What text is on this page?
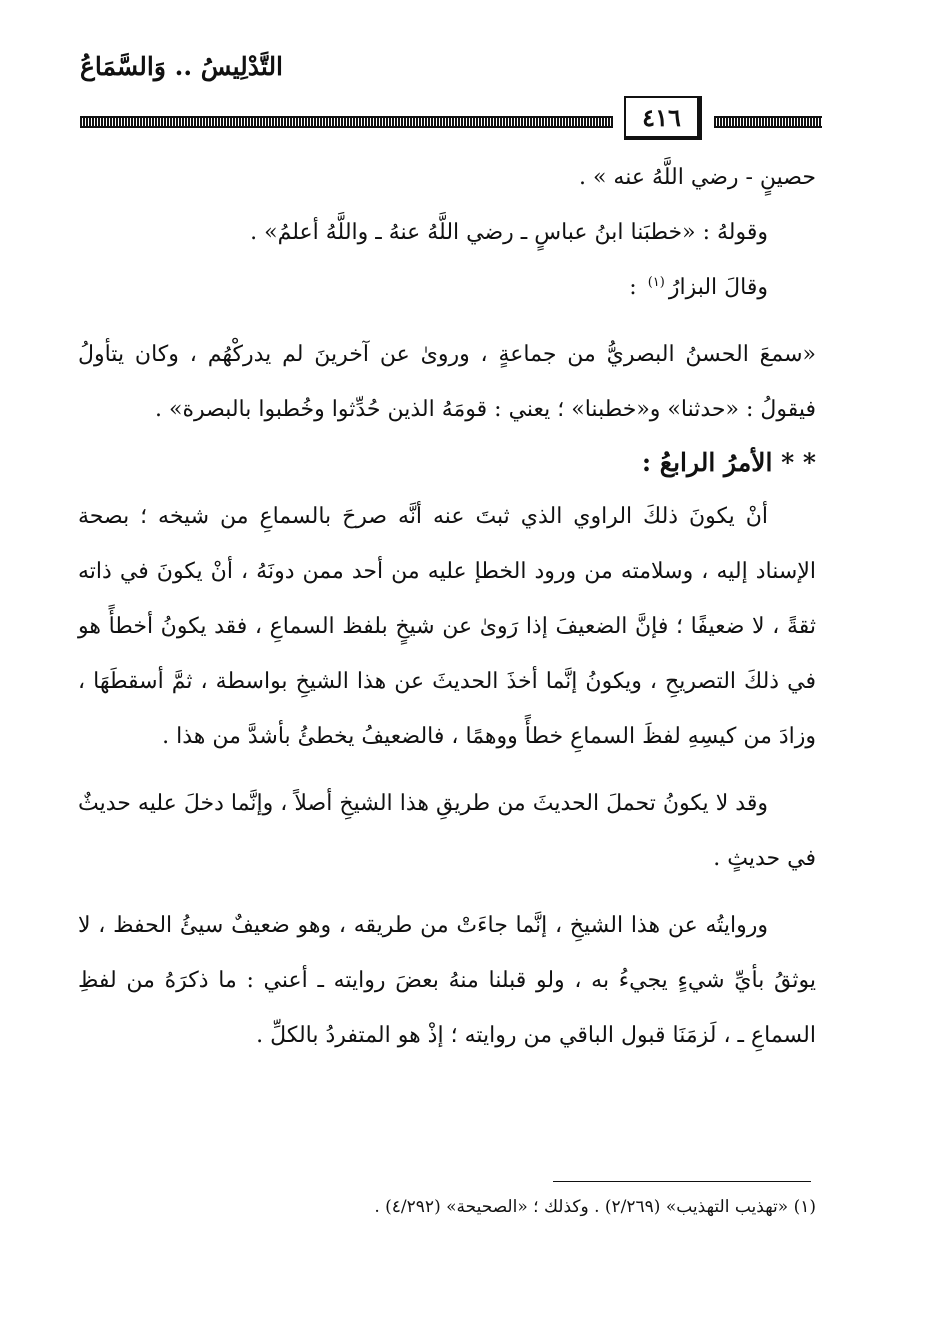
التَّدْلِيسُ .. وَالسَّمَاعُ
٤١٦

حصينٍ - رضي اللَّهُ عنه » .

وقولهُ : «خطبَنا ابنُ عباسٍ ـ رضي اللَّهُ عنهُ ـ واللَّهُ أعلمُ» .

وقالَ البزارُ$^{(١)}$ :

«سمعَ الحسنُ البصريُّ من جماعةٍ ، وروىٰ عن آخرينَ لم يدركْهُم ، وكان يتأولُ فيقولُ : «حدثنا» و«خطبنا» ؛ يعني : قومَهُ الذين حُدِّثوا وخُطبوا بالبصرة» .

* * الأمرُ الرابعُ :

أنْ يكونَ ذلكَ الراوي الذي ثبتَ عنه أنَّه صرحَ بالسماعِ من شيخه ؛ بصحة الإسناد إليه ، وسلامته من ورود الخطإ عليه من أحد ممن دونَهُ ، أنْ يكونَ في ذاته ثقةً ، لا ضعيفًا ؛ فإنَّ الضعيفَ إذا رَوىٰ عن شيخٍ بلفظ السماعِ ، فقد يكونُ أخطأً هو في ذلكَ التصريحِ ، ويكونُ إنَّما أخذَ الحديثَ عن هذا الشيخِ بواسطة ، ثمَّ أسقطَهَا ، وزادَ من كيسِهِ لفظَ السماعِ خطأً ووهمًا ، فالضعيفُ يخطئُ بأشدَّ من هذا .

وقد لا يكونُ تحملَ الحديثَ من طريقِ هذا الشيخِ أصلاً ، وإنَّما دخلَ عليه حديثٌ في حديثٍ .

وروايتُه عن هذا الشيخِ ، إنَّما جاءَتْ من طريقه ، وهو ضعيفٌ سيئُ الحفظ ، لا يوثقُ بأيِّ شيءٍ يجيءُ به ، ولو قبلنا منهُ بعضَ روايته ـ أعني : ما ذكرَهُ من لفظِ السماعِ ـ ، لَزمَنَا قبول الباقي من روايته ؛ إذْ هو المتفردُ بالكلِّ .

(١) «تهذيب التهذيب» (٢/٢٦٩) . وكذلك ؛ «الصحيحة» (٤/٢٩٢) .
